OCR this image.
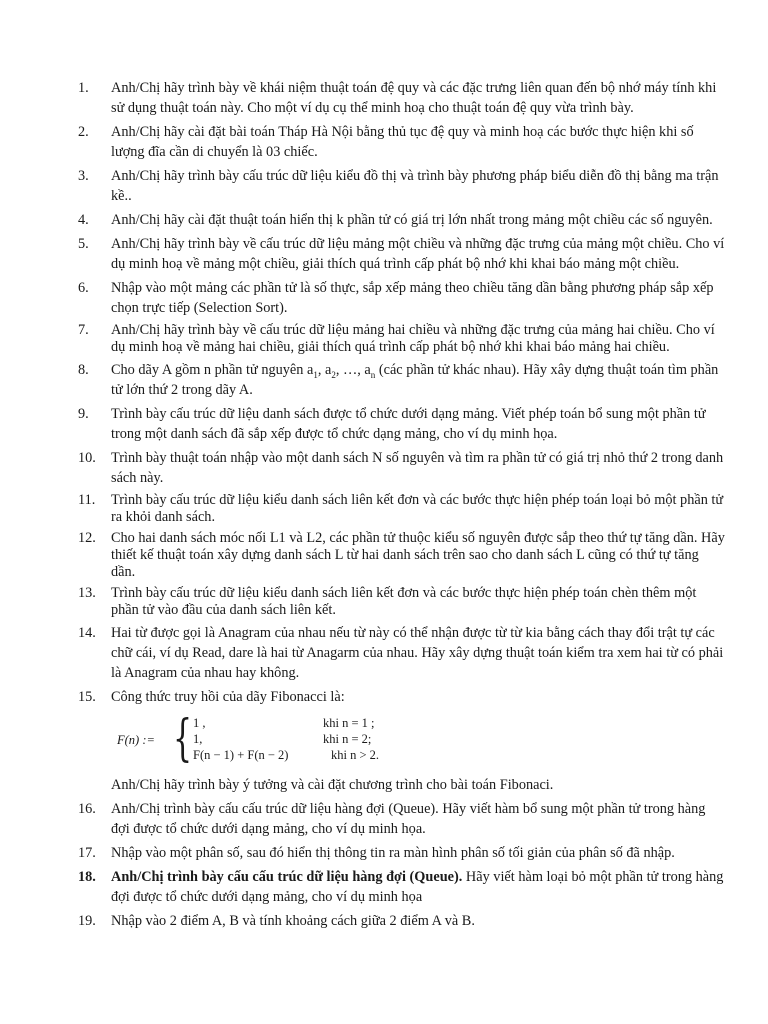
1.	Anh/Chị hãy trình bày về khái niệm thuật toán đệ quy và các đặc trưng liên quan đến bộ nhớ máy tính khi sử dụng thuật toán này. Cho một ví dụ cụ thể minh hoạ cho thuật toán đệ quy vừa trình bày.
2.	Anh/Chị hãy cài đặt bài toán Tháp Hà Nội bằng thủ tục đệ quy và minh hoạ các bước thực hiện khi số lượng đĩa cần di chuyển là 03 chiếc.
3.	Anh/Chị hãy trình bày cấu trúc dữ liệu kiểu đồ thị và trình bày phương pháp biểu diễn đồ thị bằng ma trận kề..
4.	Anh/Chị hãy cài đặt thuật toán hiển thị k phần tử có giá trị lớn nhất trong mảng một chiều các số nguyên.
5.	Anh/Chị hãy trình bày về cấu trúc dữ liệu mảng một chiều và những đặc trưng của mảng một chiều. Cho ví dụ minh hoạ về mảng một chiều, giải thích quá trình cấp phát bộ nhớ khi khai báo mảng một chiều.
6.	Nhập vào một mảng các phần tử là số thực, sắp xếp mảng theo chiều tăng dần bằng phương pháp sắp xếp chọn trực tiếp (Selection Sort).
7.	Anh/Chị hãy trình bày về cấu trúc dữ liệu mảng hai chiều và những đặc trưng của mảng hai chiều. Cho ví dụ minh hoạ về mảng hai chiều, giải thích quá trình cấp phát bộ nhớ khi khai báo mảng hai chiều.
8.	Cho dãy A gồm n phần tử nguyên $a_1$, $a_2$, …, $a_n$ (các phần tử khác nhau). Hãy xây dựng thuật toán tìm phần tử lớn thứ 2 trong dãy A.
9.	Trình bày cấu trúc dữ liệu danh sách được tổ chức dưới dạng mảng. Viết phép toán bổ sung một phần tử trong một danh sách đã sắp xếp được tổ chức dạng mảng, cho ví dụ minh họa.
10.	Trình bày thuật toán nhập vào một danh sách N số nguyên và tìm ra phần tử có giá trị nhỏ thứ 2 trong danh sách này.
11.	Trình bày cấu trúc dữ liệu kiểu danh sách liên kết đơn và các bước thực hiện phép toán loại bỏ một phần tử ra khỏi danh sách.
12.	Cho hai danh sách móc nối L1 và L2, các phần tử thuộc kiểu số nguyên được sắp theo thứ tự tăng dần. Hãy thiết kế thuật toán xây dựng danh sách L từ hai danh sách trên sao cho danh sách L cũng có thứ tự tăng dần.
13.	Trình bày cấu trúc dữ liệu kiểu danh sách liên kết đơn và các bước thực hiện phép toán chèn thêm một phần tử vào đầu của danh sách liên kết.
14.	Hai từ được gọi là Anagram của nhau nếu từ này có thể nhận được từ từ kia bằng cách thay đổi trật tự các chữ cái, ví dụ Read, dare là hai từ Anagarm của nhau. Hãy xây dựng thuật toán kiểm tra xem hai từ có phải là Anagram của nhau hay không.
15.	Công thức truy hồi của dãy Fibonacci là:
F(n) := { 1 ,	khi n = 1 ;
1,	khi n = 2;
F(n − 1) + F(n − 2)	khi n > 2.
Anh/Chị hãy trình bày ý tưởng và cài đặt chương trình cho bài toán Fibonaci.
16.	Anh/Chị trình bày cấu cấu trúc dữ liệu hàng đợi (Queue). Hãy viết hàm bổ sung một phần tử trong hàng đợi được tổ chức dưới dạng mảng, cho ví dụ minh họa.
17.	Nhập vào một phân số, sau đó hiển thị thông tin ra màn hình phân số tối giản của phân số đã nhập.
18.	Anh/Chị trình bày cấu cấu trúc dữ liệu hàng đợi (Queue). Hãy viết hàm loại bỏ một phần tử trong hàng đợi được tổ chức dưới dạng mảng, cho ví dụ minh họa
19.	Nhập vào 2 điểm A, B và tính khoảng cách giữa 2 điểm A và B.
